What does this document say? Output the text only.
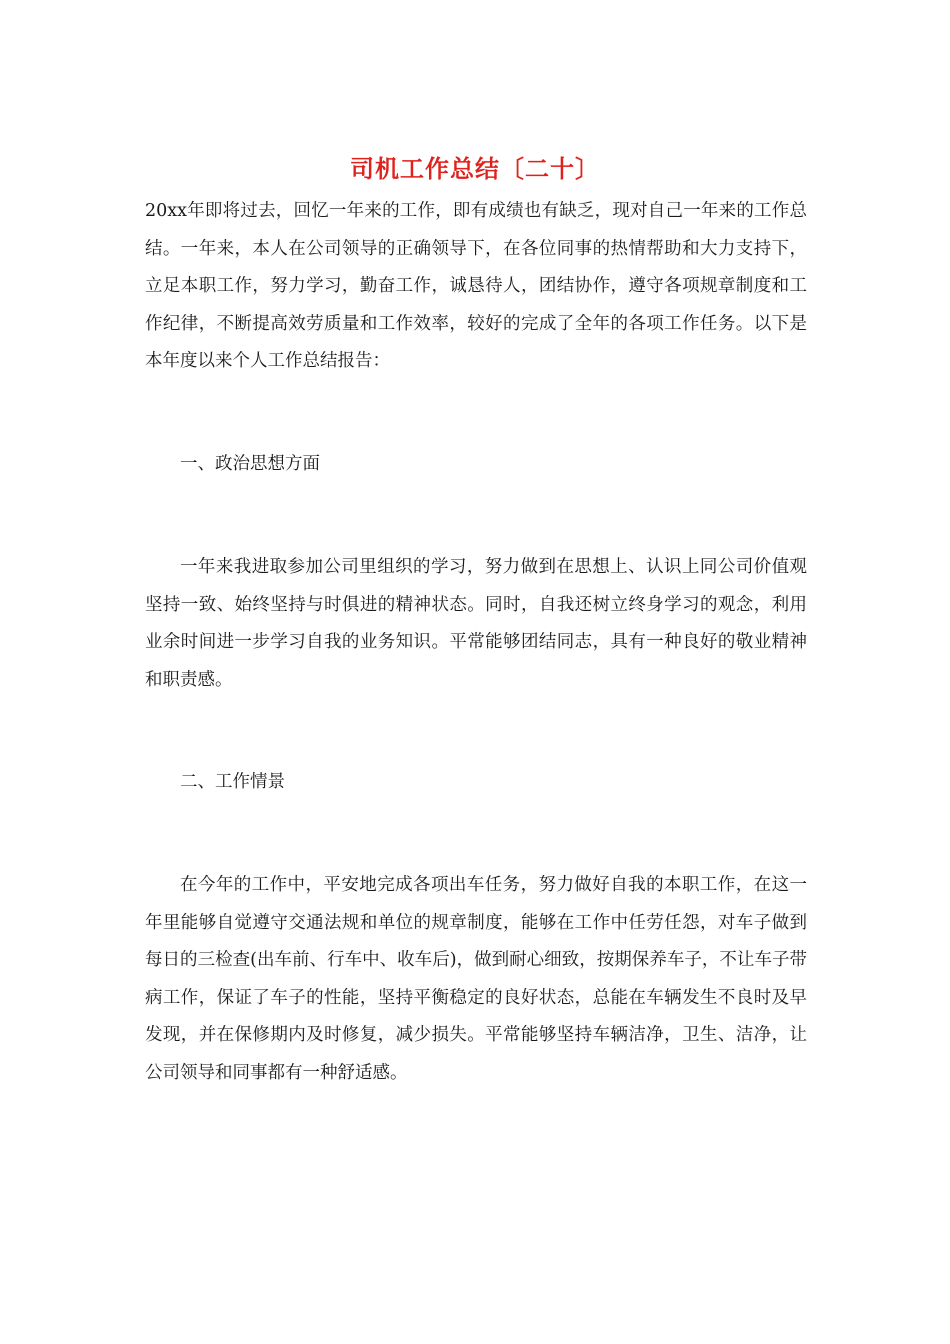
司机工作总结〔二十〕

20xx年即将过去，回忆一年来的工作，即有成绩也有缺乏，现对自己一年来的工作总结。一年来，本人在公司领导的正确领导下，在各位同事的热情帮助和大力支持下，立足本职工作，努力学习，勤奋工作，诚恳待人，团结协作，遵守各项规章制度和工作纪律，不断提高效劳质量和工作效率，较好的完成了全年的各项工作任务。以下是本年度以来个人工作总结报告：

一、政治思想方面

一年来我进取参加公司里组织的学习，努力做到在思想上、认识上同公司价值观坚持一致、始终坚持与时俱进的精神状态。同时，自我还树立终身学习的观念，利用业余时间进一步学习自我的业务知识。平常能够团结同志，具有一种良好的敬业精神和职责感。

二、工作情景

在今年的工作中，平安地完成各项出车任务，努力做好自我的本职工作，在这一年里能够自觉遵守交通法规和单位的规章制度，能够在工作中任劳任怨，对车子做到每日的三检查(出车前、行车中、收车后)，做到耐心细致，按期保养车子，不让车子带病工作，保证了车子的性能，坚持平衡稳定的良好状态，总能在车辆发生不良时及早发现，并在保修期内及时修复，减少损失。平常能够坚持车辆洁净，卫生、洁净，让公司领导和同事都有一种舒适感。
